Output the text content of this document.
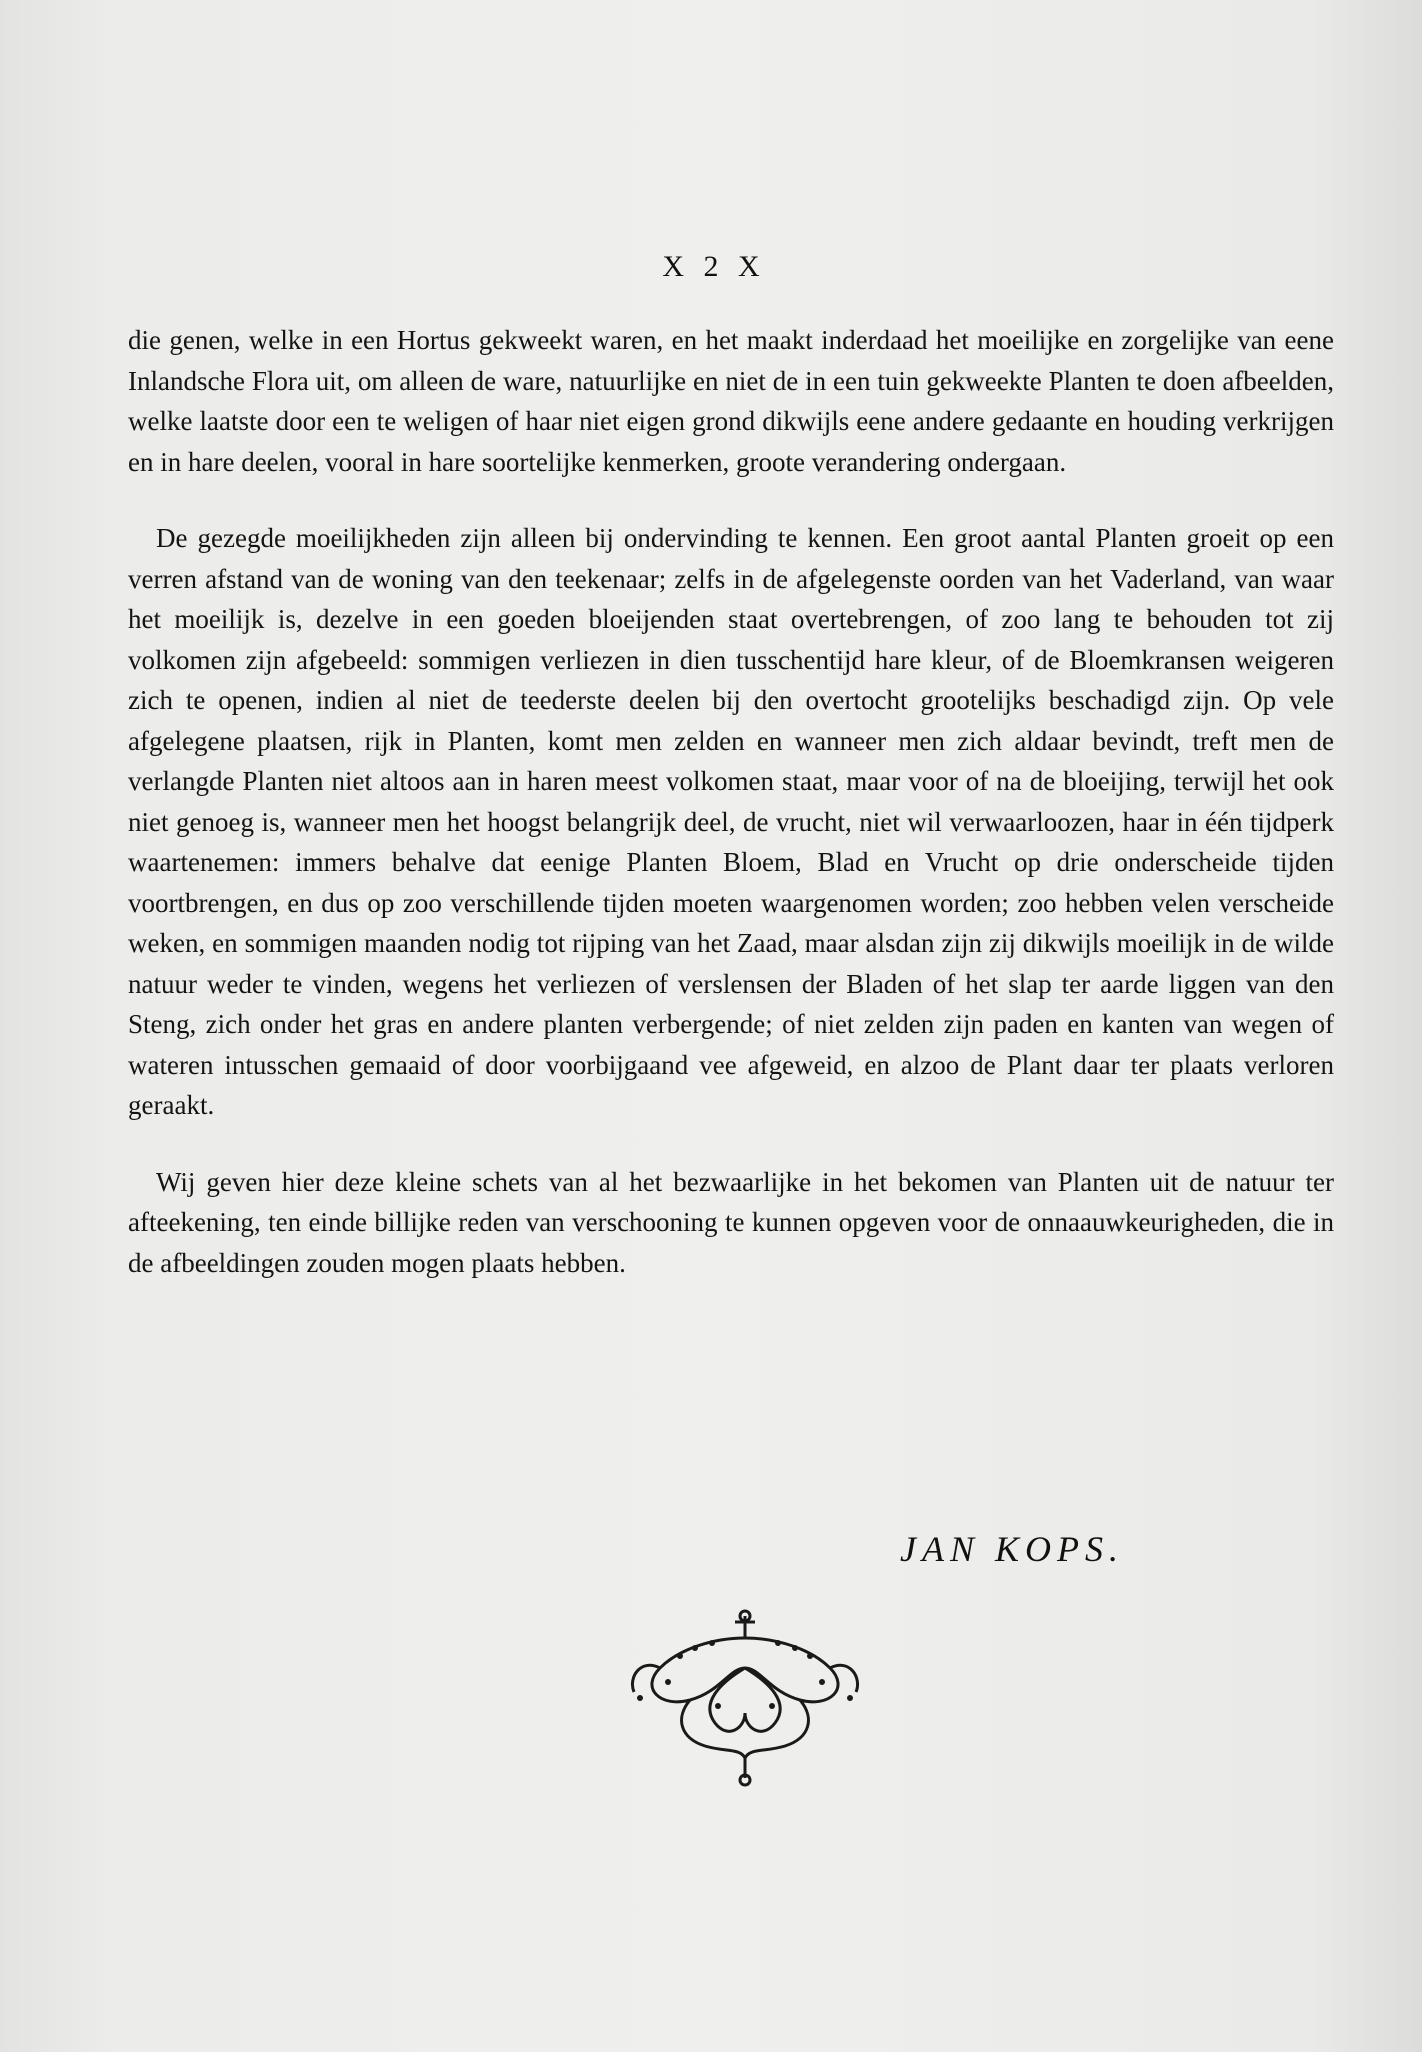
X 2 X

die genen, welke in een Hortus gekweekt waren, en het maakt inderdaad het moeilijke en zorgelijke van eene Inlandsche Flora uit, om alleen de ware, natuurlijke en niet de in een tuin gekweekte Planten te doen afbeelden, welke laatste door een te weligen of haar niet eigen grond dikwijls eene andere gedaante en houding verkrijgen en in hare deelen, vooral in hare soortelijke kenmerken, groote verandering ondergaan.

De gezegde moeilijkheden zijn alleen bij ondervinding te kennen. Een groot aantal Planten groeit op een verren afstand van de woning van den teekenaar; zelfs in de afgelegenste oorden van het Vaderland, van waar het moeilijk is, dezelve in een goeden bloeijenden staat overtebrengen, of zoo lang te behouden tot zij volkomen zijn afgebeeld: sommigen verliezen in dien tusschentijd hare kleur, of de Bloemkransen weigeren zich te openen, indien al niet de teederste deelen bij den overtocht grootelijks beschadigd zijn. Op vele afgelegene plaatsen, rijk in Planten, komt men zelden en wanneer men zich aldaar bevindt, treft men de verlangde Planten niet altoos aan in haren meest volkomen staat, maar voor of na de bloeijing, terwijl het ook niet genoeg is, wanneer men het hoogst belangrijk deel, de vrucht, niet wil verwaarloozen, haar in één tijdperk waartenemen: immers behalve dat eenige Planten Bloem, Blad en Vrucht op drie onderscheide tijden voortbrengen, en dus op zoo verschillende tijden moeten waargenomen worden; zoo hebben velen verscheide weken, en sommigen maanden nodig tot rijping van het Zaad, maar alsdan zijn zij dikwijls moeilijk in de wilde natuur weder te vinden, wegens het verliezen of verslensen der Bladen of het slap ter aarde liggen van den Steng, zich onder het gras en andere planten verbergende; of niet zelden zijn paden en kanten van wegen of wateren intusschen gemaaid of door voorbijgaand vee afgeweid, en alzoo de Plant daar ter plaats verloren geraakt.

Wij geven hier deze kleine schets van al het bezwaarlijke in het bekomen van Planten uit de natuur ter afteekening, ten einde billijke reden van verschooning te kunnen opgeven voor de onnaauwkeurigheden, die in de afbeeldingen zouden mogen plaats hebben.

JAN KOPS.
